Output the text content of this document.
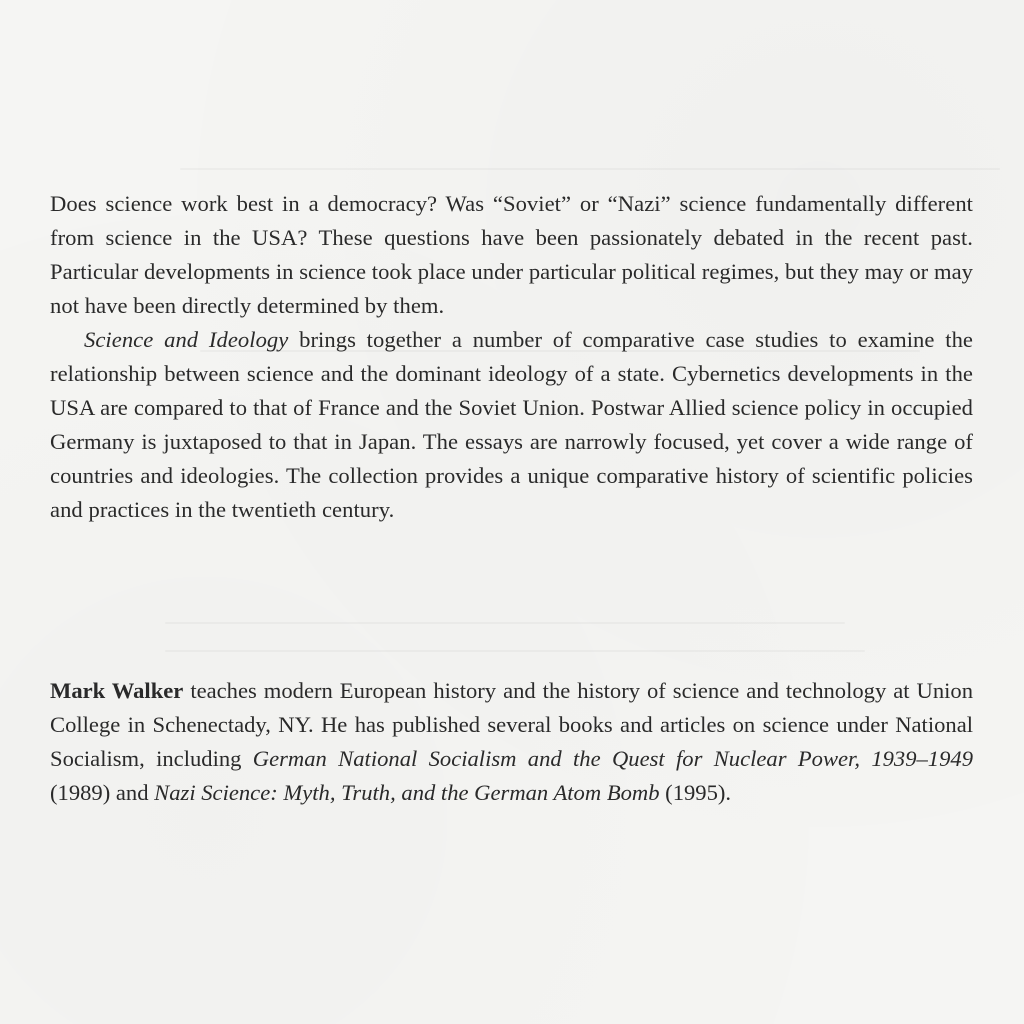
Does science work best in a democracy? Was “Soviet” or “Nazi” science fundamentally different from science in the USA? These questions have been passionately debated in the recent past. Particular developments in science took place under particular political regimes, but they may or may not have been directly determined by them.

Science and Ideology brings together a number of comparative case studies to examine the relationship between science and the dominant ideology of a state. Cybernetics developments in the USA are compared to that of France and the Soviet Union. Postwar Allied science policy in occupied Germany is juxtaposed to that in Japan. The essays are narrowly focused, yet cover a wide range of countries and ideologies. The collection provides a unique comparative history of scientific policies and practices in the twentieth century.

Mark Walker teaches modern European history and the history of science and technology at Union College in Schenectady, NY. He has published several books and articles on science under National Socialism, including German National Socialism and the Quest for Nuclear Power, 1939–1949 (1989) and Nazi Science: Myth, Truth, and the German Atom Bomb (1995).
